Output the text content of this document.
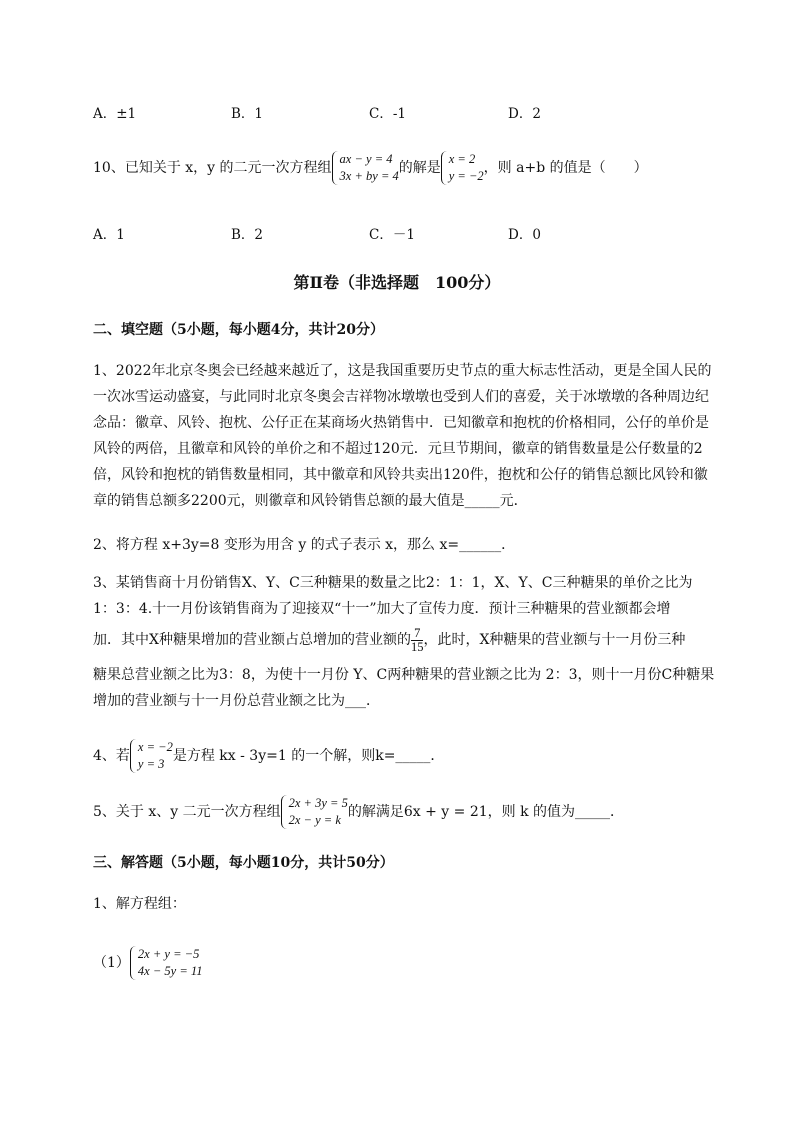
A．±1	B．1	C．-1	D．2
10、已知关于 x，y 的二元一次方程组
ax − y = 4
3x + by = 4 的解是
x = 2
y = −2 ，则 a+b 的值是（　　）
A．1	B．2	C．－1	D．0
第Ⅱ卷（非选择题　100分）
二、填空题（5小题，每小题4分，共计20分）
1、2022年北京冬奥会已经越来越近了，这是我国重要历史节点的重大标志性活动，更是全国人民的
一次冰雪运动盛宴，与此同时北京冬奥会吉祥物冰墩墩也受到人们的喜爱，关于冰墩墩的各种周边纪
念品：徽章、风铃、抱枕、公仔正在某商场火热销售中．已知徽章和抱枕的价格相同，公仔的单价是
风铃的两倍，且徽章和风铃的单价之和不超过120元．元旦节期间，徽章的销售数量是公仔数量的2
倍，风铃和抱枕的销售数量相同，其中徽章和风铃共卖出120件，抱枕和公仔的销售总额比风铃和徽
章的销售总额多2200元，则徽章和风铃销售总额的最大值是_____元．
2、将方程 x+3y=8 变形为用含 y 的式子表示 x，那么 x=______．
3、某销售商十月份销售X、Y、C三种糖果的数量之比2：1：1，X、Y、C三种糖果的单价之比为
1：3：4.十一月份该销售商为了迎接双“十一”加大了宣传力度．预计三种糖果的营业额都会增
加．其中X种糖果增加的营业额占总增加的营业额的 $\frac{7}{15}$ ，此时，X种糖果的营业额与十一月份三种
糖果总营业额之比为3：8，为使十一月份 Y、C两种糖果的营业额之比为 2：3，则十一月份C种糖果
增加的营业额与十一月份总营业额之比为___．
4、若
x = −2
y = 3 是方程 kx - 3y=1 的一个解，则k=_____．
5、关于 x、y 二元一次方程组
2x + 3y = 5
2x − y = k 的解满足6x + y = 21，则 k 的值为_____．
三、解答题（5小题，每小题10分，共计50分）
1、解方程组：
（1）
2x + y = −5
4x − 5y = 11
